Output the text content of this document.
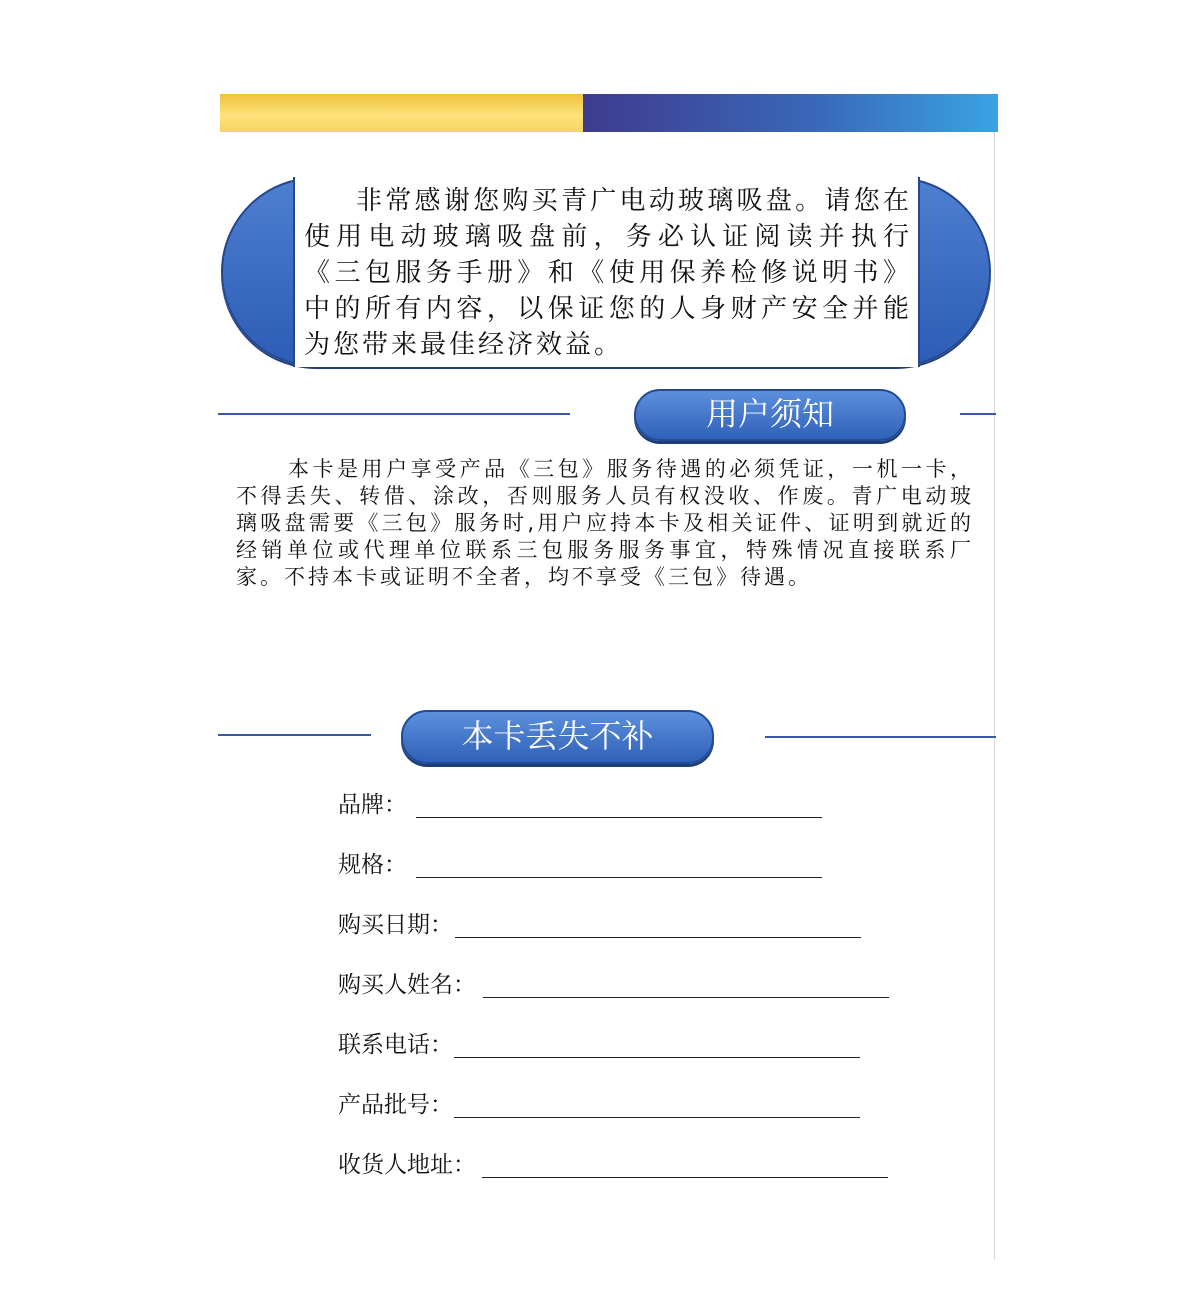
非常感谢您购买青广电动玻璃吸盘。请您在使用电动玻璃吸盘前，务必认证阅读并执行《三包服务手册》和《使用保养检修说明书》中的所有内容，以保证您的人身财产安全并能为您带来最佳经济效益。
用户须知
本卡是用户享受产品《三包》服务待遇的必须凭证，一机一卡，不得丢失、转借、涂改，否则服务人员有权没收、作废。青广电动玻璃吸盘需要《三包》服务时,用户应持本卡及相关证件、证明到就近的经销单位或代理单位联系三包服务服务事宜，特殊情况直接联系厂家。不持本卡或证明不全者，均不享受《三包》待遇。
本卡丢失不补
品牌：
规格：
购买日期：
购买人姓名：
联系电话：
产品批号：
收货人地址：
